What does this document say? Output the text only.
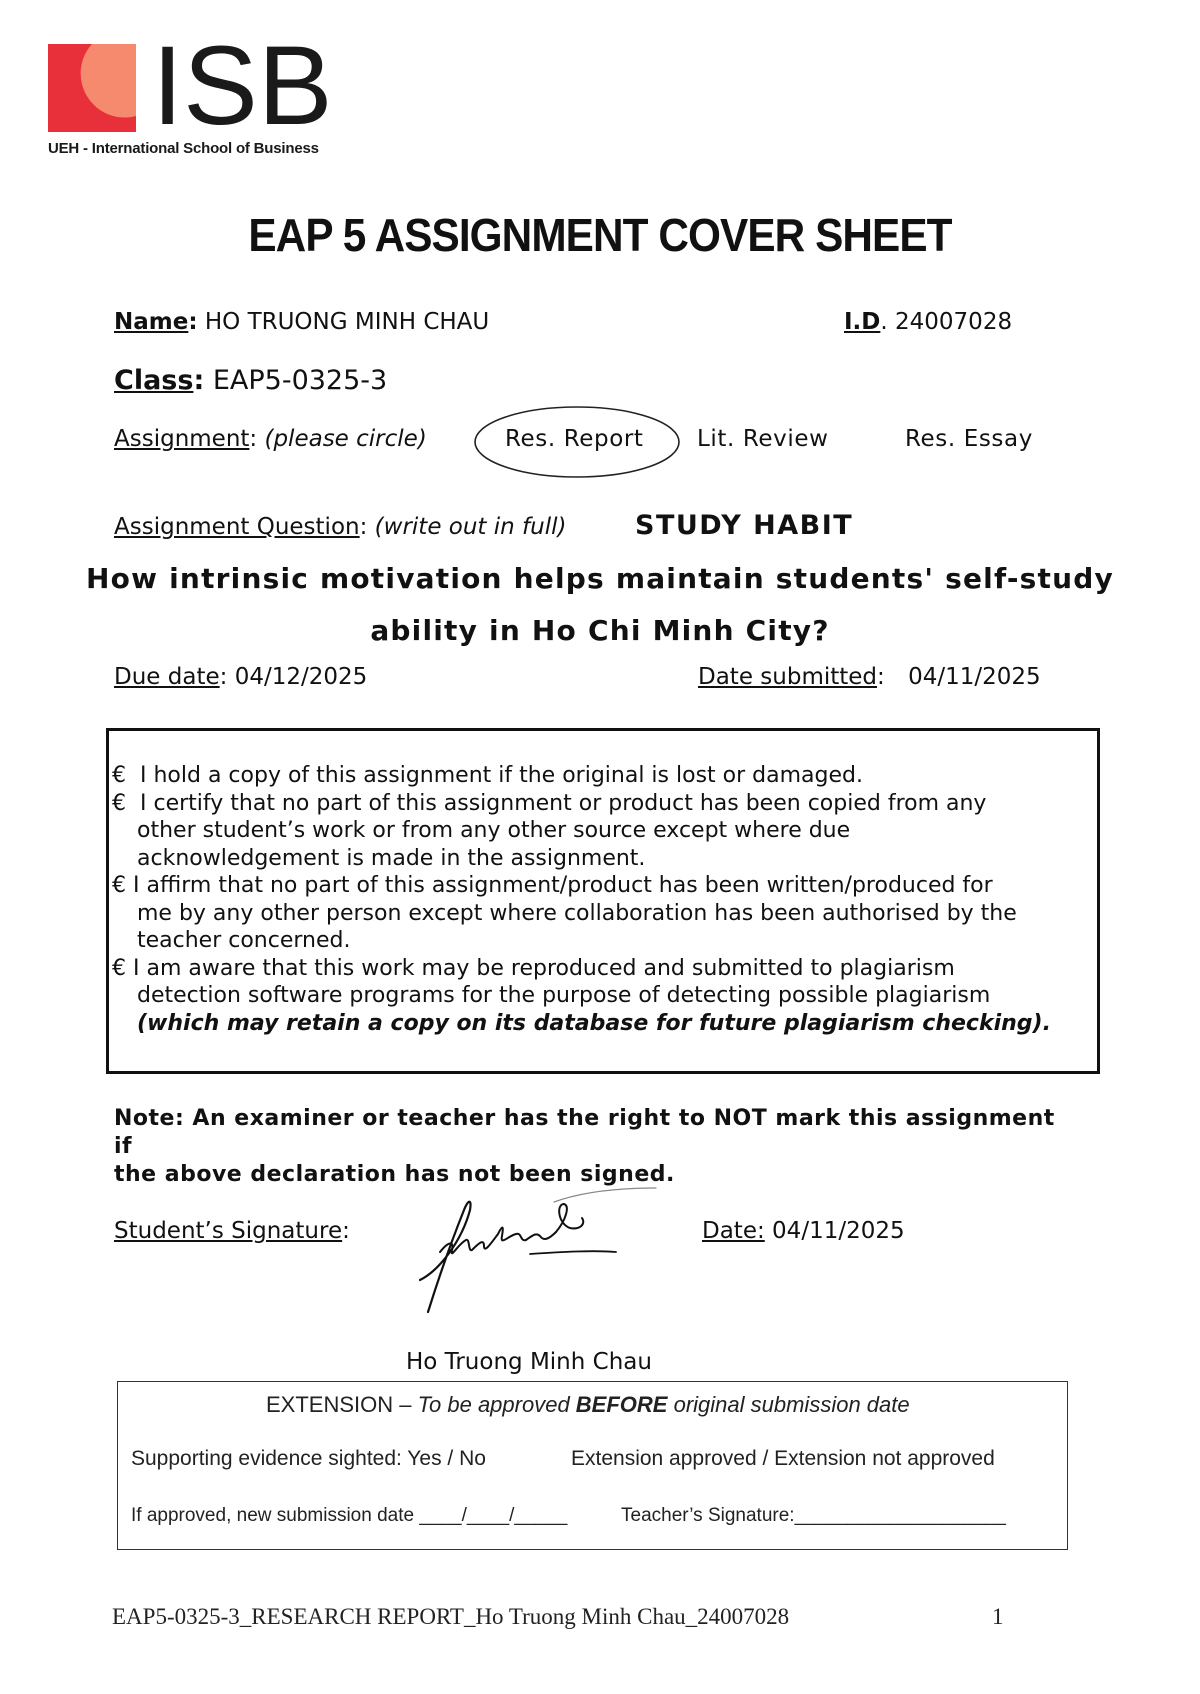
ISB
UEH - International School of Business
EAP 5 ASSIGNMENT COVER SHEET
Name: HO TRUONG MINH CHAU	I.D. 24007028
Class: EAP5-0325-3
Assignment: (please circle)	Res. Report Lit. Review	Res. Essay
Assignment Question: (write out in full)	STUDY HABIT
How intrinsic motivation helps maintain students' self-study
ability in Ho Chi Minh City?
Due date: 04/12/2025	Date submitted: 04/11/2025
€ I hold a copy of this assignment if the original is lost or damaged.
€ I certify that no part of this assignment or product has been copied from any
other student’s work or from any other source except where due
acknowledgement is made in the assignment.
€ I affirm that no part of this assignment/product has been written/produced for
me by any other person except where collaboration has been authorised by the
teacher concerned.
€ I am aware that this work may be reproduced and submitted to plagiarism
detection software programs for the purpose of detecting possible plagiarism
(which may retain a copy on its database for future plagiarism checking).
Note: An examiner or teacher has the right to NOT mark this assignment if
the above declaration has not been signed.
Student’s Signature:	Date: 04/11/2025
Ho Truong Minh Chau
EXTENSION – To be approved BEFORE original submission date
Supporting evidence sighted: Yes / No	Extension approved / Extension not approved
If approved, new submission date ____/____/_____	Teacher’s Signature:____________________
EAP5-0325-3_RESEARCH REPORT_Ho Truong Minh Chau_24007028	1
